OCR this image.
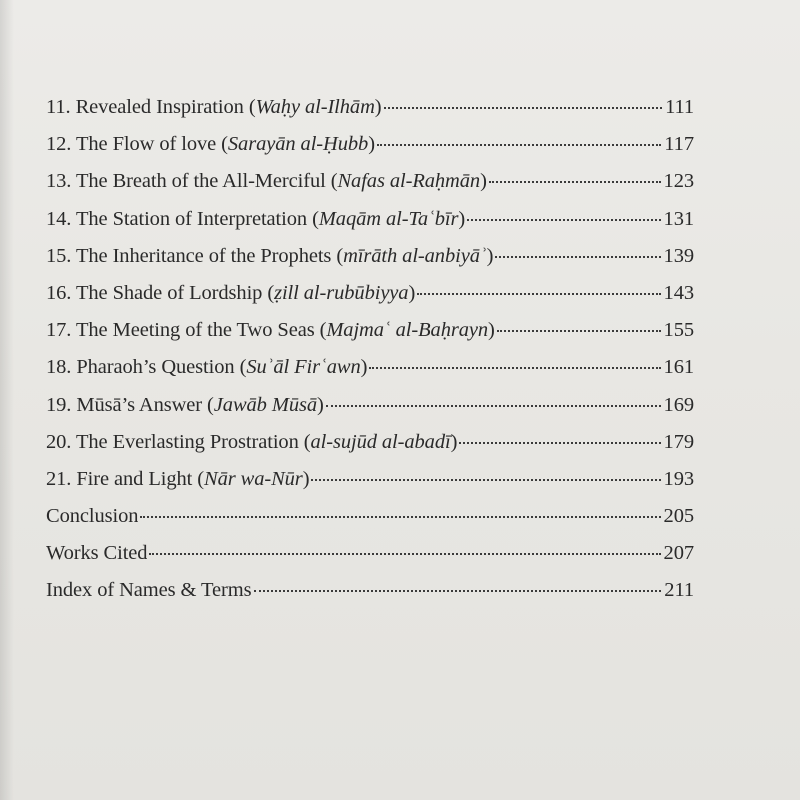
11. Revealed Inspiration (Waḥy al-Ilhām)	111
12. The Flow of love (Sarayān al-Ḥubb)	117
13. The Breath of the All-Merciful (Nafas al-Raḥmān)	123
14. The Station of Interpretation (Maqām al-Taʿbīr)	131
15. The Inheritance of the Prophets (mīrāth al-anbiyāʾ)	139
16. The Shade of Lordship (ẓill al-rubūbiyya)	143
17. The Meeting of the Two Seas (Majmaʿ al-Baḥrayn)	155
18. Pharaoh’s Question (Suʾāl Firʿawn)	161
19. Mūsā’s Answer (Jawāb Mūsā)	169
20. The Everlasting Prostration (al-sujūd al-abadī)	179
21. Fire and Light (Nār wa-Nūr)	193
Conclusion	205
Works Cited	207
Index of Names & Terms	211
